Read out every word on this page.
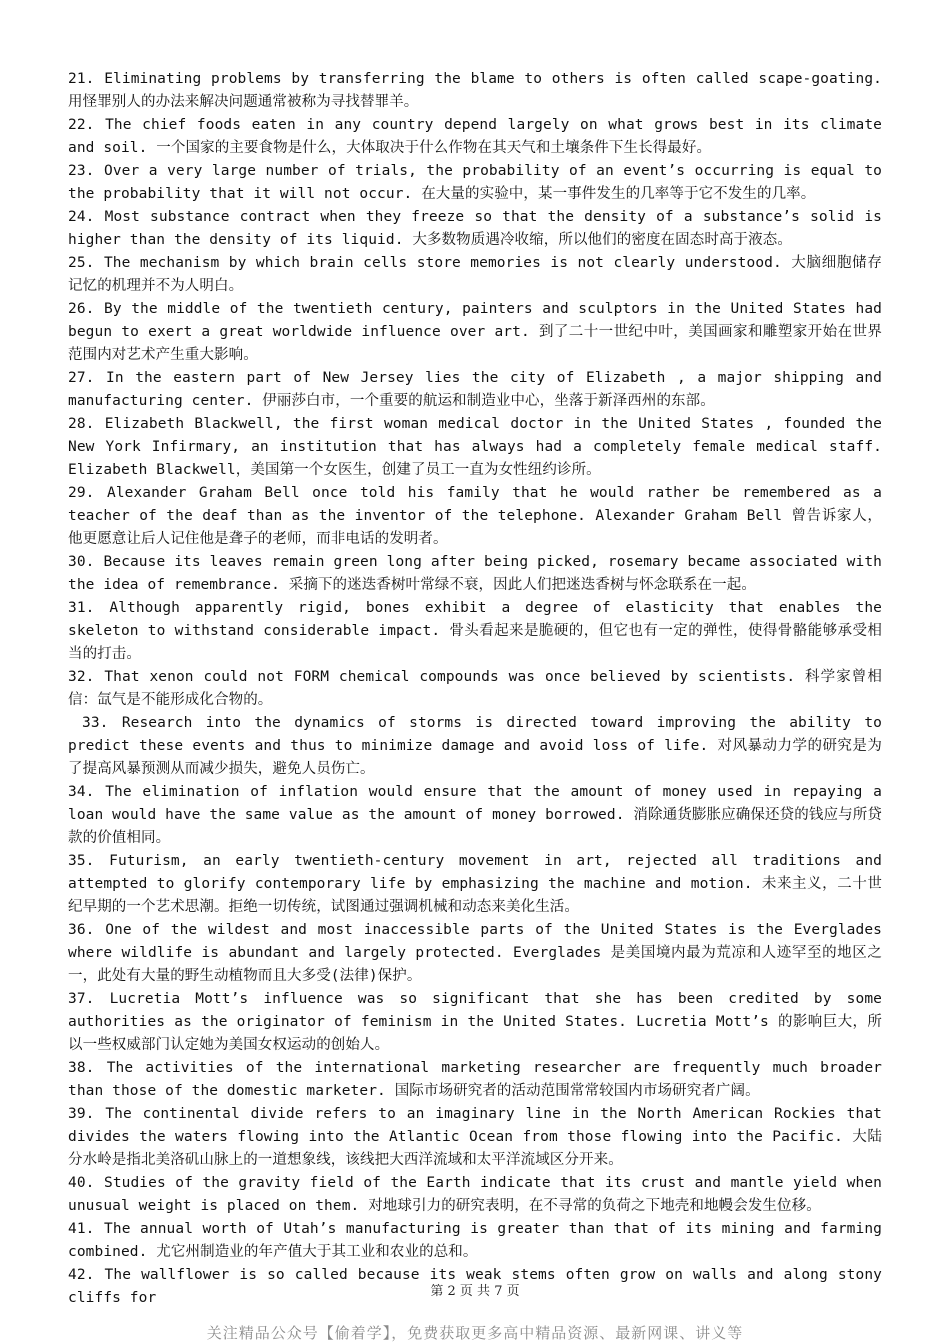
21. Eliminating problems by transferring the blame to others is often called scape-goating. 用怪罪别人的办法来解决问题通常被称为寻找替罪羊。

22. The chief foods eaten in any country depend largely on what grows best in its climate and soil. 一个国家的主要食物是什么，大体取决于什么作物在其天气和土壤条件下生长得最好。

23. Over a very large number of trials, the probability of an event’s occurring is equal to the probability that it will not occur. 在大量的实验中，某一事件发生的几率等于它不发生的几率。

24. Most substance contract when they freeze so that the density of a substance’s solid is higher than the density of its liquid. 大多数物质遇冷收缩，所以他们的密度在固态时高于液态。

25. The mechanism by which brain cells store memories is not clearly understood. 大脑细胞储存记忆的机理并不为人明白。

26. By the middle of the twentieth century, painters and sculptors in the United States had begun to exert a great worldwide influence over art. 到了二十一世纪中叶，美国画家和雕塑家开始在世界范围内对艺术产生重大影响。

27. In the eastern part of New Jersey lies the city of Elizabeth , a major shipping and manufacturing center. 伊丽莎白市，一个重要的航运和制造业中心，坐落于新泽西州的东部。

28. Elizabeth Blackwell, the first woman medical doctor in the United States , founded the New York Infirmary, an institution that has always had a completely female medical staff. Elizabeth Blackwell，美国第一个女医生，创建了员工一直为女性纽约诊所。

29. Alexander Graham Bell once told his family that he would rather be remembered as a teacher of the deaf than as the inventor of the telephone. Alexander Graham Bell 曾告诉家人，他更愿意让后人记住他是聋子的老师，而非电话的发明者。

30. Because its leaves remain green long after being picked, rosemary became associated with the idea of remembrance. 采摘下的迷迭香树叶常绿不衰，因此人们把迷迭香树与怀念联系在一起。

31. Although apparently rigid, bones exhibit a degree of elasticity that enables the skeleton to withstand considerable impact. 骨头看起来是脆硬的，但它也有一定的弹性，使得骨骼能够承受相当的打击。

32. That xenon could not FORM chemical compounds was once believed by scientists. 科学家曾相信：氙气是不能形成化合物的。

33. Research into the dynamics of storms is directed toward improving the ability to predict these events and thus to minimize damage and avoid loss of life. 对风暴动力学的研究是为了提高风暴预测从而减少损失，避免人员伤亡。

34. The elimination of inflation would ensure that the amount of money used in repaying a loan would have the same value as the amount of money borrowed. 消除通货膨胀应确保还贷的钱应与所贷款的价值相同。

35. Futurism, an early twentieth-century movement in art, rejected all traditions and attempted to glorify contemporary life by emphasizing the machine and motion. 未来主义，二十世纪早期的一个艺术思潮。拒绝一切传统，试图通过强调机械和动态来美化生活。

36. One of the wildest and most inaccessible parts of the United States is the Everglades where wildlife is abundant and largely protected. Everglades 是美国境内最为荒凉和人迹罕至的地区之一，此处有大量的野生动植物而且大多受(法律)保护。

37. Lucretia Mott’s influence was so significant that she has been credited by some authorities as the originator of feminism in the United States. Lucretia Mott’s 的影响巨大，所以一些权威部门认定她为美国女权运动的创始人。

38. The activities of the international marketing researcher are frequently much broader than those of the domestic marketer. 国际市场研究者的活动范围常常较国内市场研究者广阔。

39. The continental divide refers to an imaginary line in the North American Rockies that divides the waters flowing into the Atlantic Ocean from those flowing into the Pacific. 大陆分水岭是指北美洛矶山脉上的一道想象线，该线把大西洋流域和太平洋流域区分开来。

40. Studies of the gravity field of the Earth indicate that its crust and mantle yield when unusual weight is placed on them. 对地球引力的研究表明，在不寻常的负荷之下地壳和地幔会发生位移。

41. The annual worth of Utah’s manufacturing is greater than that of its mining and farming combined. 尤它州制造业的年产值大于其工业和农业的总和。

42. The wallflower is so called because its weak stems often grow on walls and along stony cliffs for	第 2 页 共 7 页
关注精品公众号【偷着学】，免费获取更多高中精品资源、最新网课、讲义等
